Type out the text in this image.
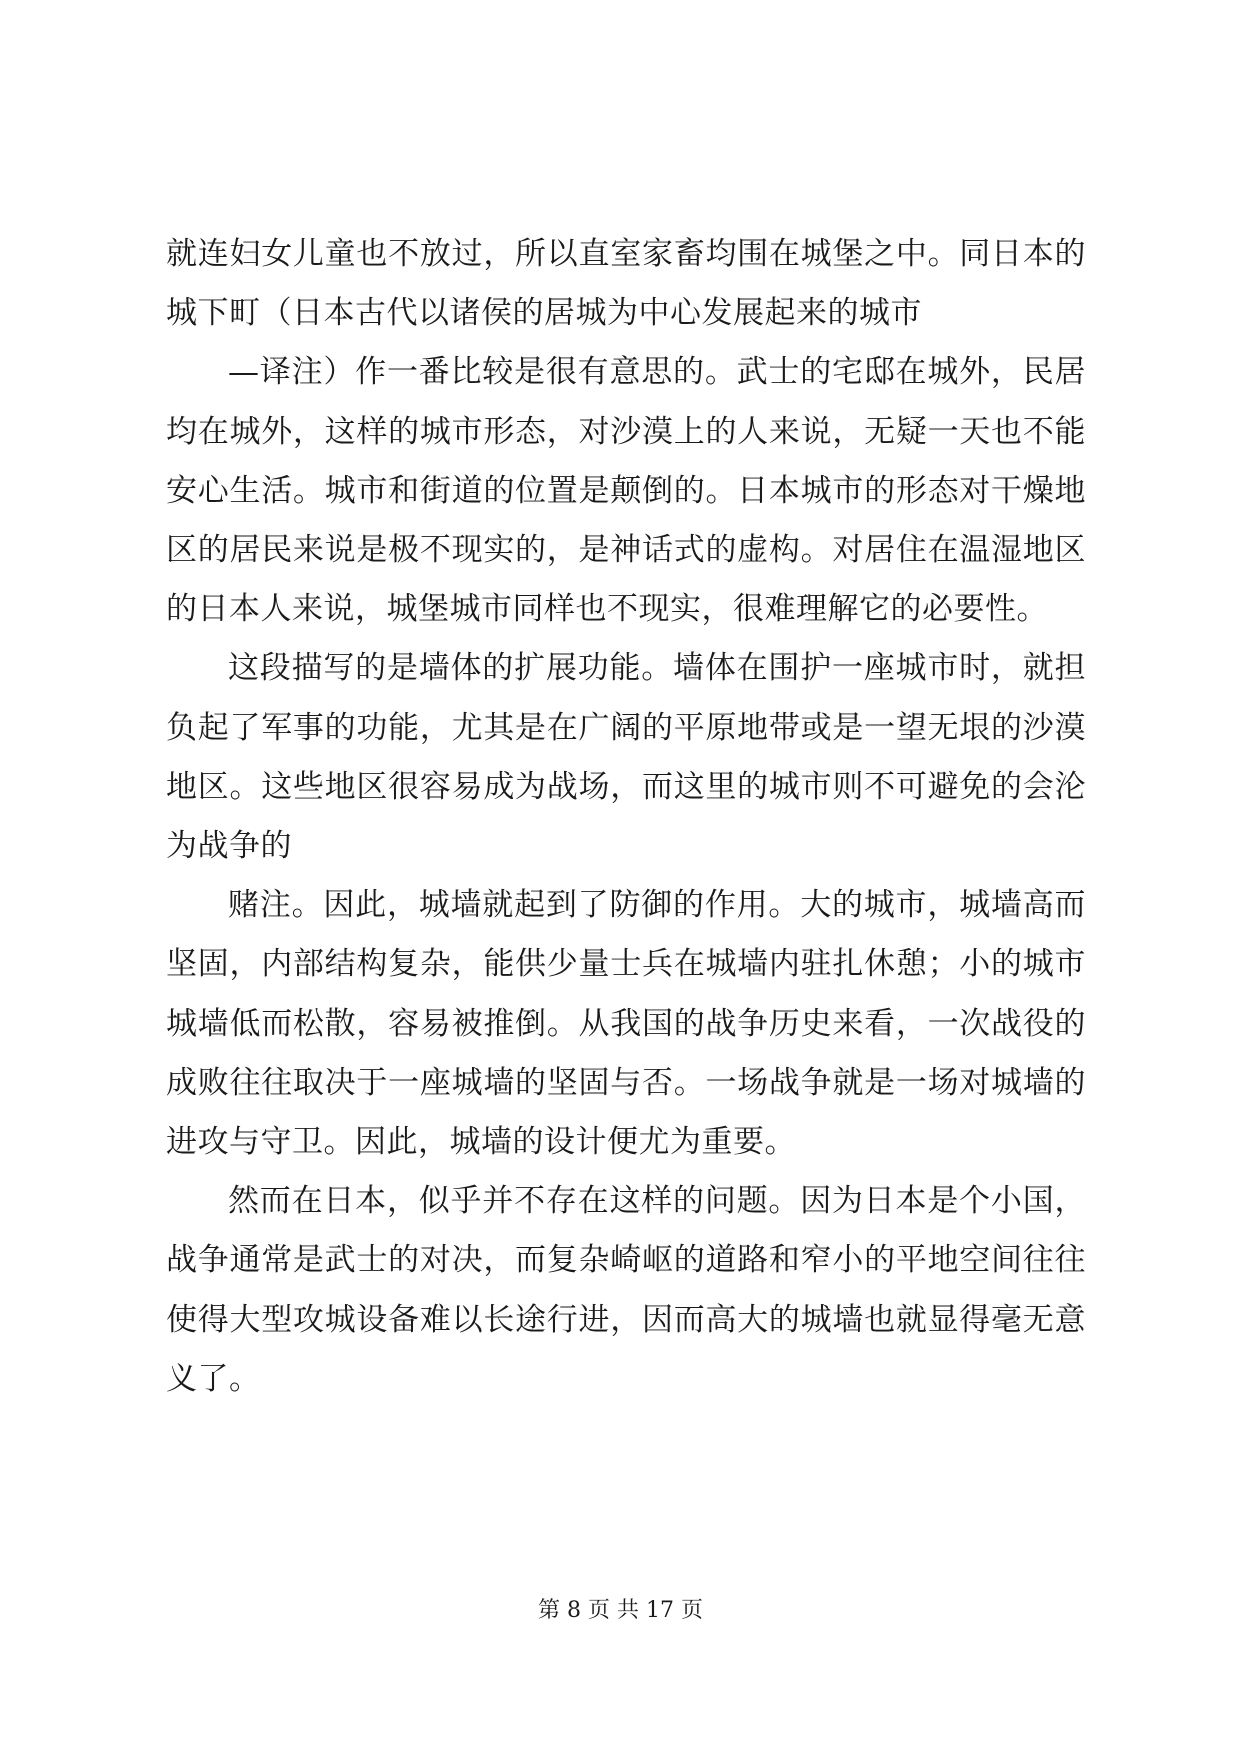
就连妇女儿童也不放过，所以直室家畜均围在城堡之中。同日本的城下町（日本古代以诸侯的居城为中心发展起来的城市

—译注）作一番比较是很有意思的。武士的宅邸在城外，民居均在城外，这样的城市形态，对沙漠上的人来说，无疑一天也不能安心生活。城市和街道的位置是颠倒的。日本城市的形态对干燥地区的居民来说是极不现实的，是神话式的虚构。对居住在温湿地区的日本人来说，城堡城市同样也不现实，很难理解它的必要性。

这段描写的是墙体的扩展功能。墙体在围护一座城市时，就担负起了军事的功能，尤其是在广阔的平原地带或是一望无垠的沙漠地区。这些地区很容易成为战场，而这里的城市则不可避免的会沦为战争的

赌注。因此，城墙就起到了防御的作用。大的城市，城墙高而坚固，内部结构复杂，能供少量士兵在城墙内驻扎休憩；小的城市城墙低而松散，容易被推倒。从我国的战争历史来看，一次战役的成败往往取决于一座城墙的坚固与否。一场战争就是一场对城墙的进攻与守卫。因此，城墙的设计便尤为重要。

然而在日本，似乎并不存在这样的问题。因为日本是个小国，战争通常是武士的对决，而复杂崎岖的道路和窄小的平地空间往往使得大型攻城设备难以长途行进，因而高大的城墙也就显得毫无意义了。

第 8 页 共 17 页
